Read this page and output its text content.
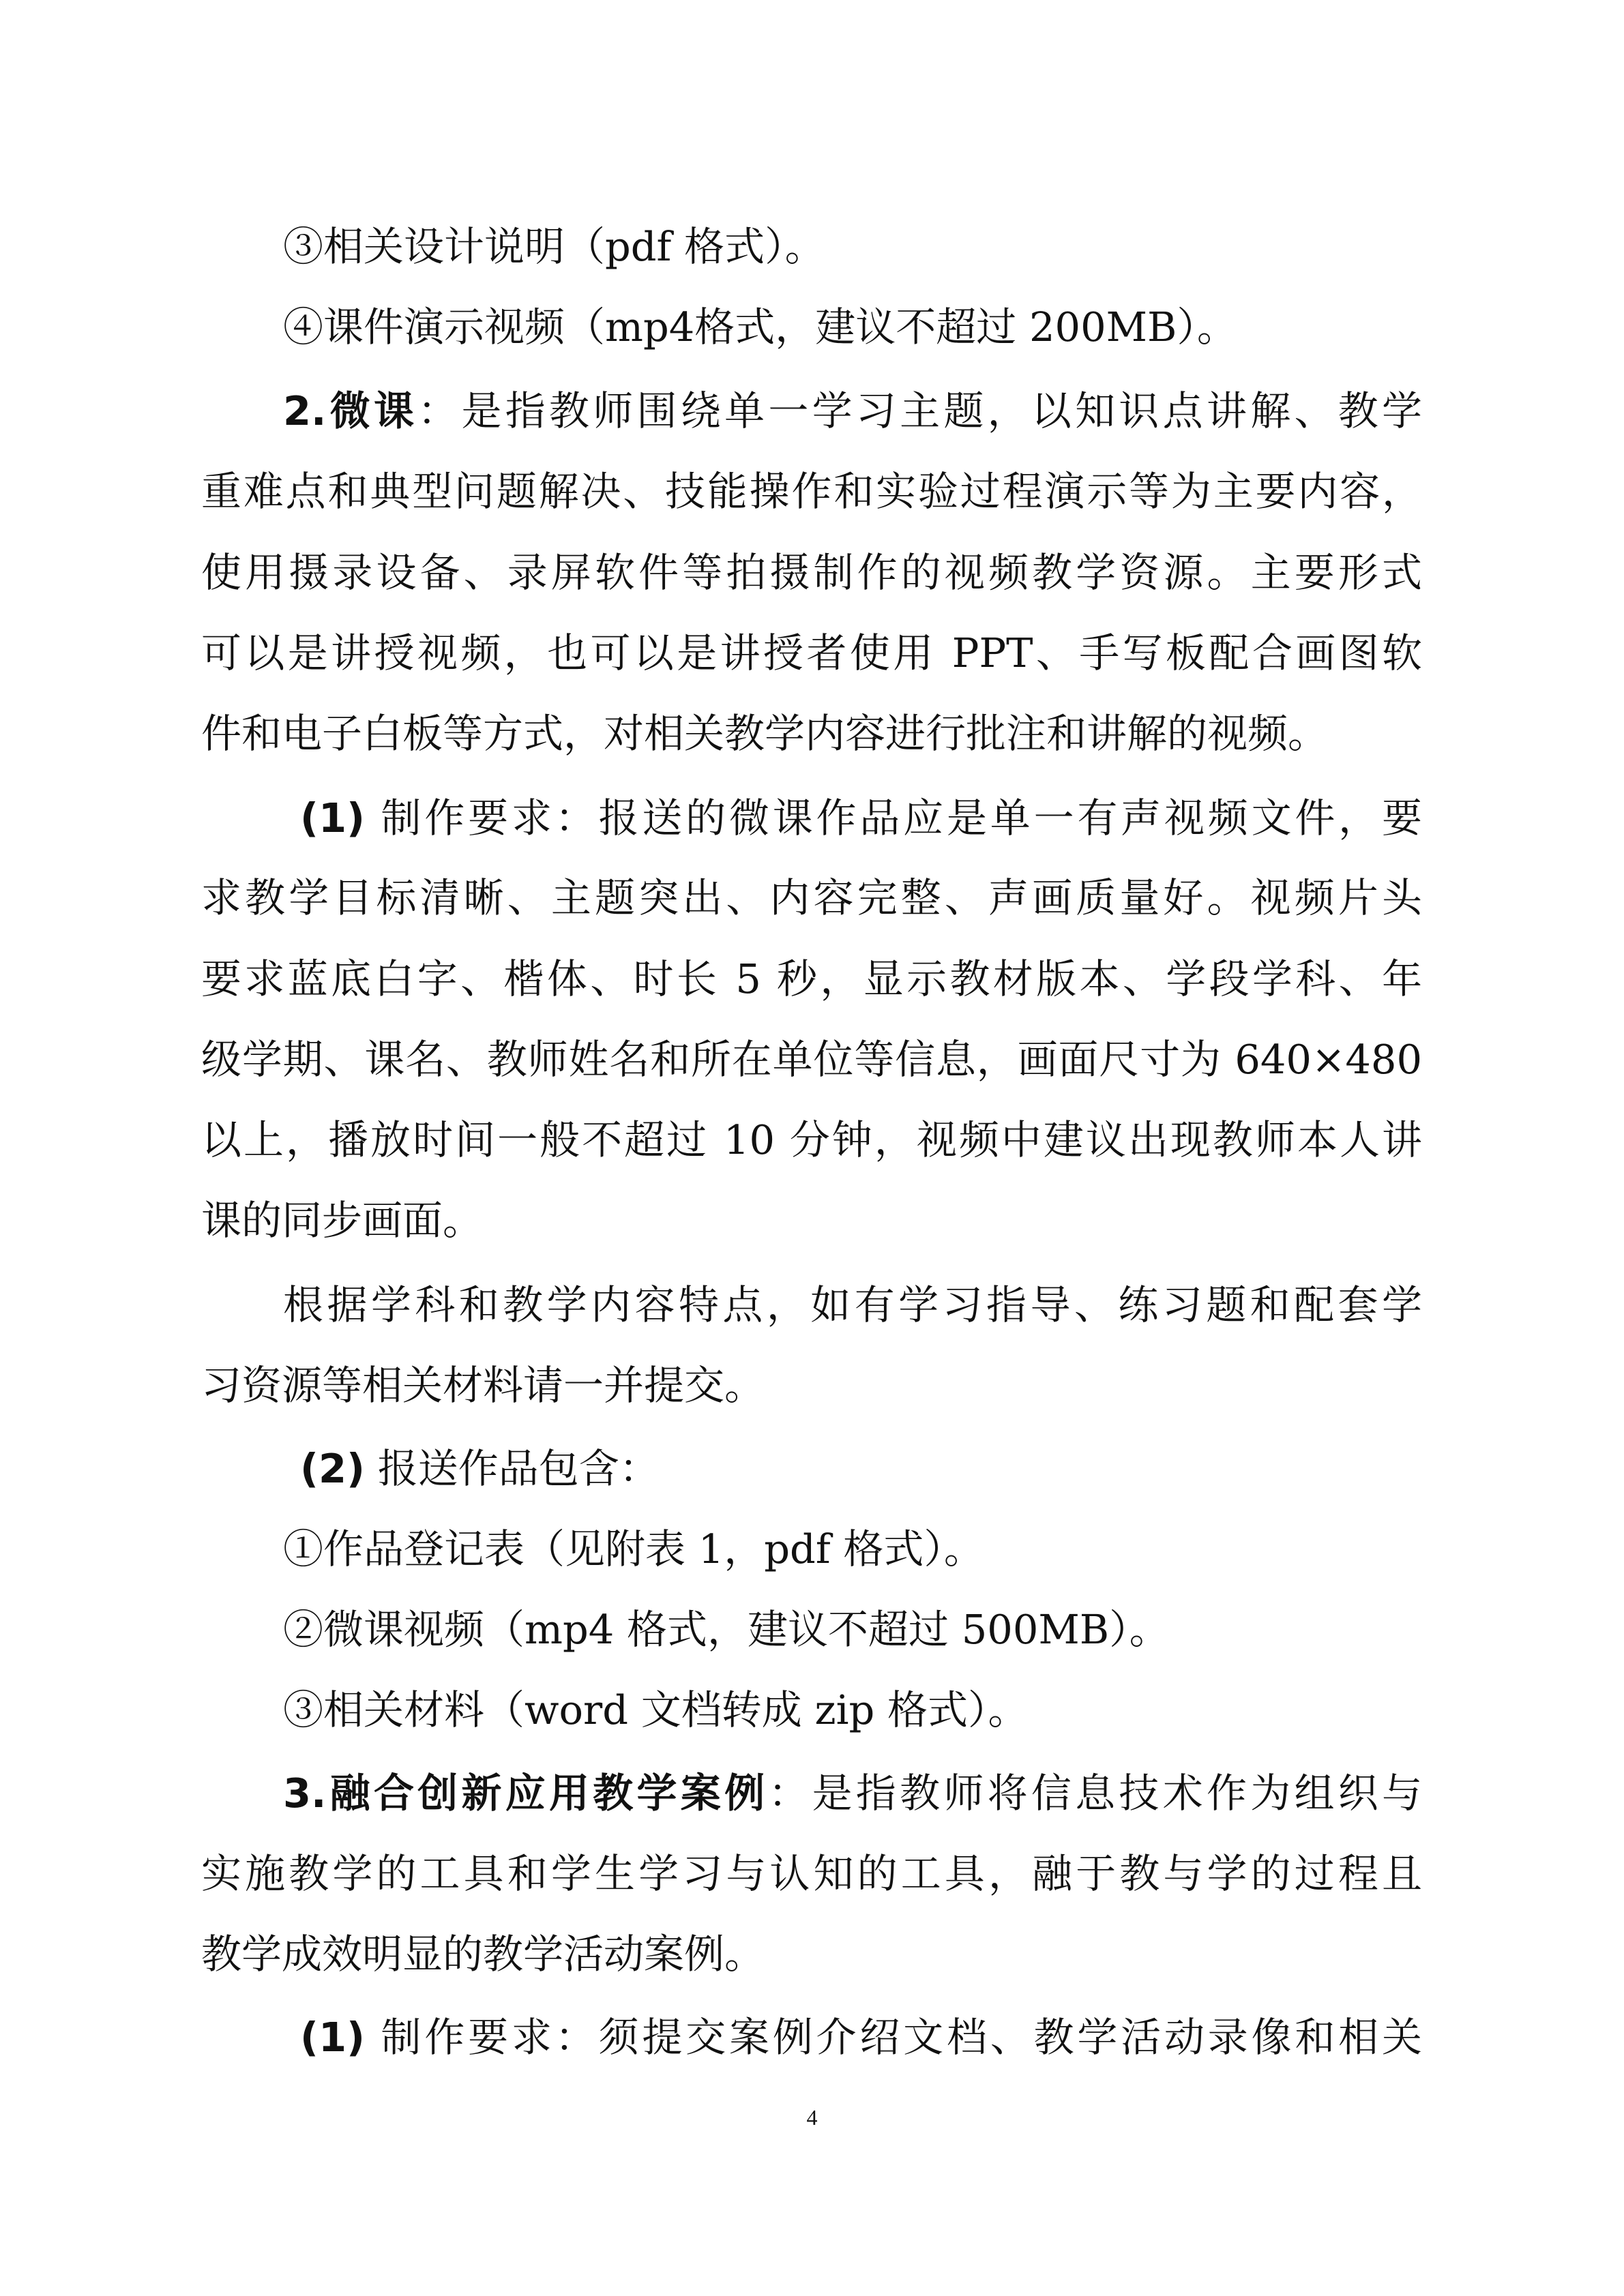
③相关设计说明（pdf 格式）。
④课件演示视频（mp4格式，建议不超过 200MB）。
2.微课：是指教师围绕单一学习主题，以知识点讲解、教学
重难点和典型问题解决、技能操作和实验过程演示等为主要内容，
使用摄录设备、录屏软件等拍摄制作的视频教学资源。主要形式
可以是讲授视频，也可以是讲授者使用 PPT、手写板配合画图软
件和电子白板等方式，对相关教学内容进行批注和讲解的视频。
(1) 制作要求：报送的微课作品应是单一有声视频文件，要
求教学目标清晰、主题突出、内容完整、声画质量好。视频片头
要求蓝底白字、楷体、时长 5 秒，显示教材版本、学段学科、年
级学期、课名、教师姓名和所在单位等信息，画面尺寸为 640×480
以上，播放时间一般不超过 10 分钟，视频中建议出现教师本人讲
课的同步画面。
根据学科和教学内容特点，如有学习指导、练习题和配套学
习资源等相关材料请一并提交。
(2) 报送作品包含：
①作品登记表（见附表 1，pdf 格式）。
②微课视频（mp4 格式，建议不超过 500MB）。
③相关材料（word 文档转成 zip 格式）。
3.融合创新应用教学案例：是指教师将信息技术作为组织与
实施教学的工具和学生学习与认知的工具，融于教与学的过程且
教学成效明显的教学活动案例。
(1) 制作要求：须提交案例介绍文档、教学活动录像和相关
4
